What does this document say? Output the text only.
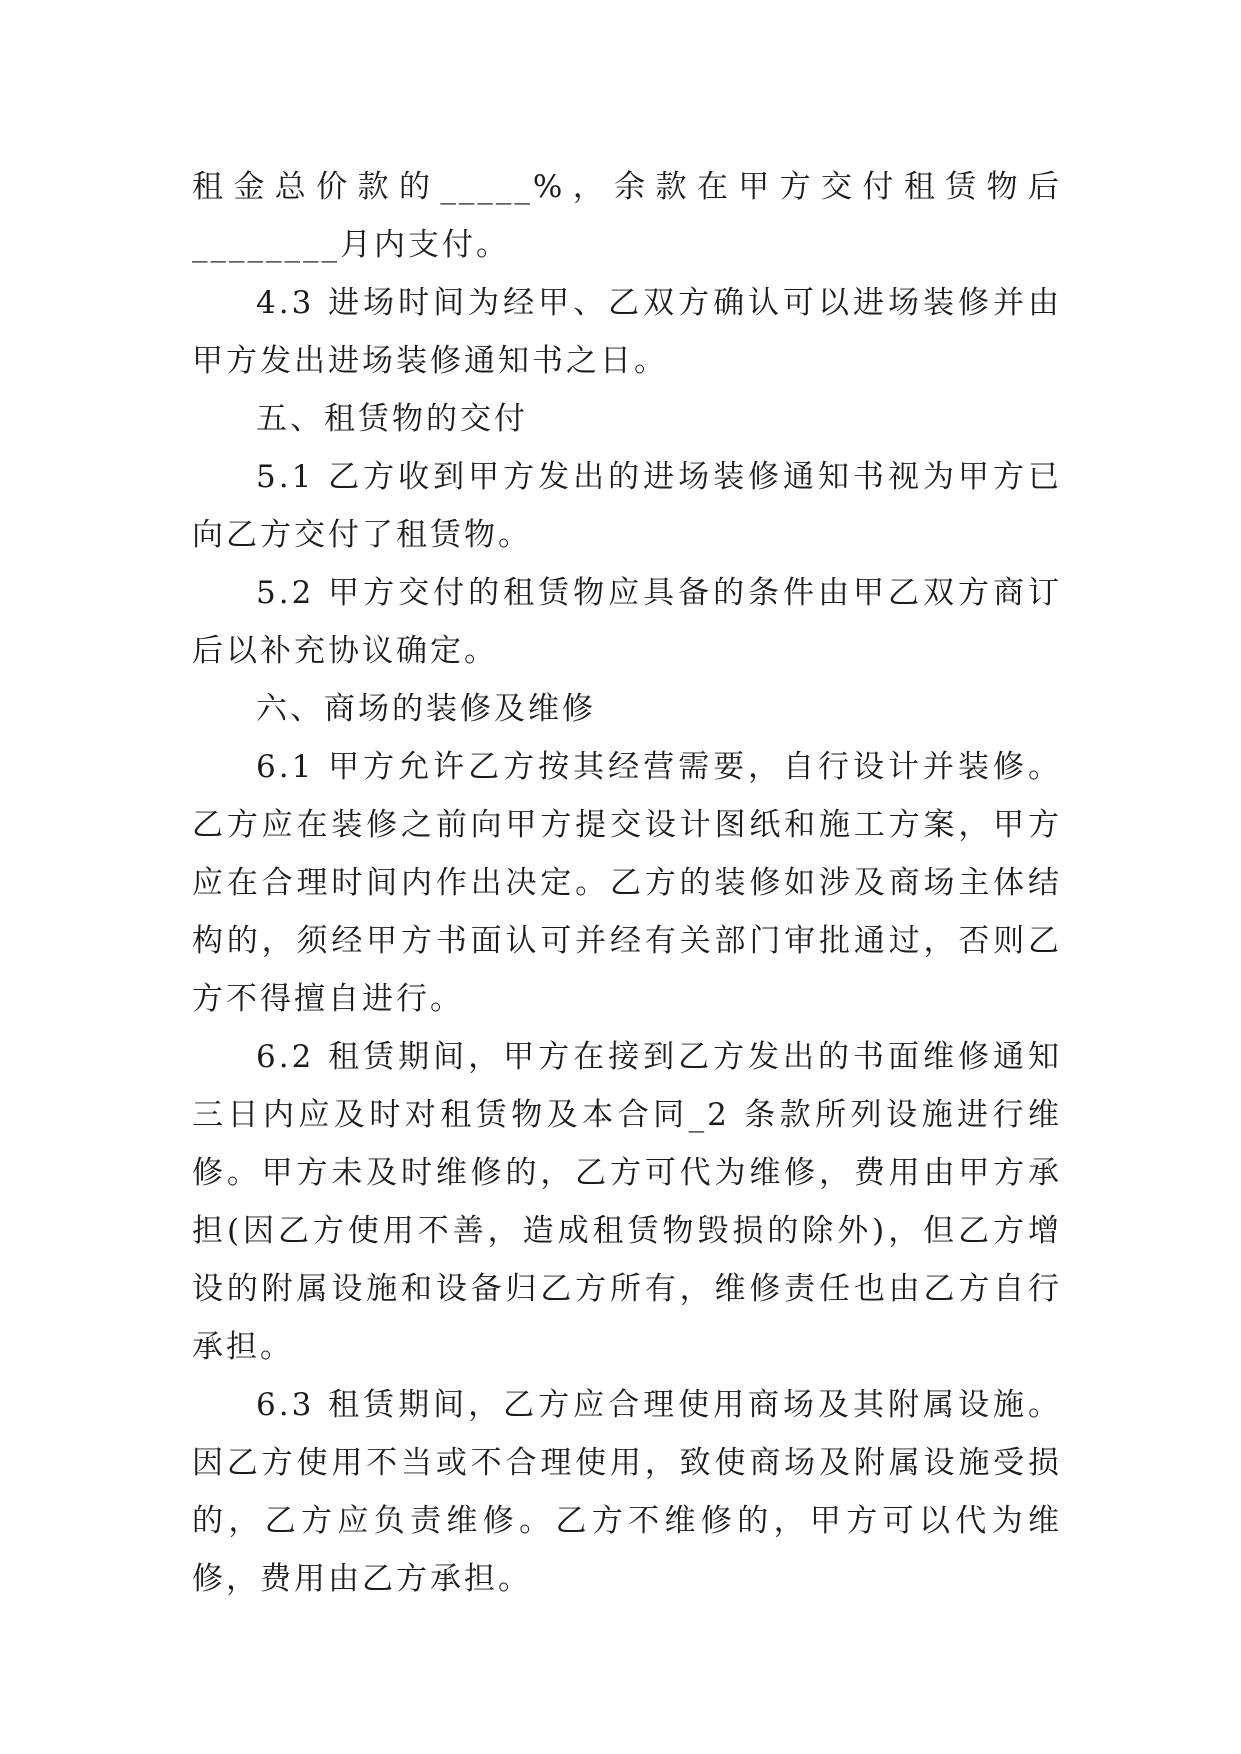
租金总价款的_____%，余款在甲方交付租赁物后________月内支付。

4.3 进场时间为经甲、乙双方确认可以进场装修并由甲方发出进场装修通知书之日。

五、租赁物的交付

5.1 乙方收到甲方发出的进场装修通知书视为甲方已向乙方交付了租赁物。

5.2 甲方交付的租赁物应具备的条件由甲乙双方商订后以补充协议确定。

六、商场的装修及维修

6.1 甲方允许乙方按其经营需要，自行设计并装修。乙方应在装修之前向甲方提交设计图纸和施工方案，甲方应在合理时间内作出决定。乙方的装修如涉及商场主体结构的，须经甲方书面认可并经有关部门审批通过，否则乙方不得擅自进行。

6.2 租赁期间，甲方在接到乙方发出的书面维修通知三日内应及时对租赁物及本合同_2 条款所列设施进行维修。甲方未及时维修的，乙方可代为维修，费用由甲方承担(因乙方使用不善，造成租赁物毁损的除外)，但乙方增设的附属设施和设备归乙方所有，维修责任也由乙方自行承担。

6.3 租赁期间，乙方应合理使用商场及其附属设施。因乙方使用不当或不合理使用，致使商场及附属设施受损的，乙方应负责维修。乙方不维修的，甲方可以代为维修，费用由乙方承担。
